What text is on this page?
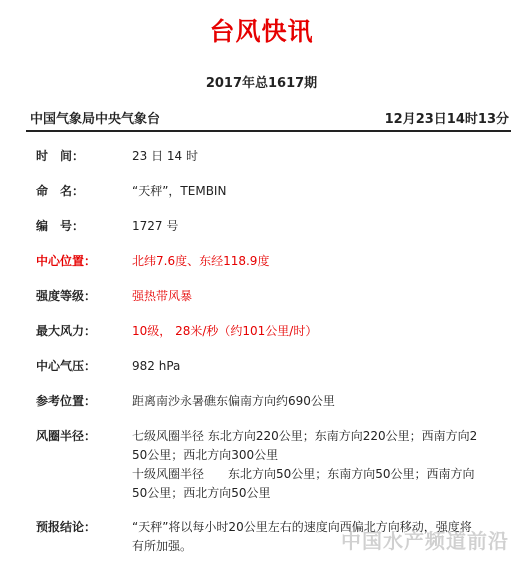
台风快讯
2017年总1617期
中国气象局中央气象台	12月23日14时13分
时　间：	23 日 14 时
命　名：	“天秤”，TEMBIN
编　号：	1727 号
中心位置：	北纬7.6度、东经118.9度
强度等级：	强热带风暴
最大风力：	10级， 28米/秒（约101公里/时）
中心气压：	982 hPa
参考位置：	距离南沙永暑礁东偏南方向约690公里
风圈半径：	七级风圈半径 东北方向220公里；东南方向220公里；西南方向2
50公里；西北方向300公里
十级风圈半径　　东北方向50公里；东南方向50公里；西南方向
50公里；西北方向50公里
预报结论：	“天秤”将以每小时20公里左右的速度向西偏北方向移动，强度将
有所加强。	中国水产频道前沿
